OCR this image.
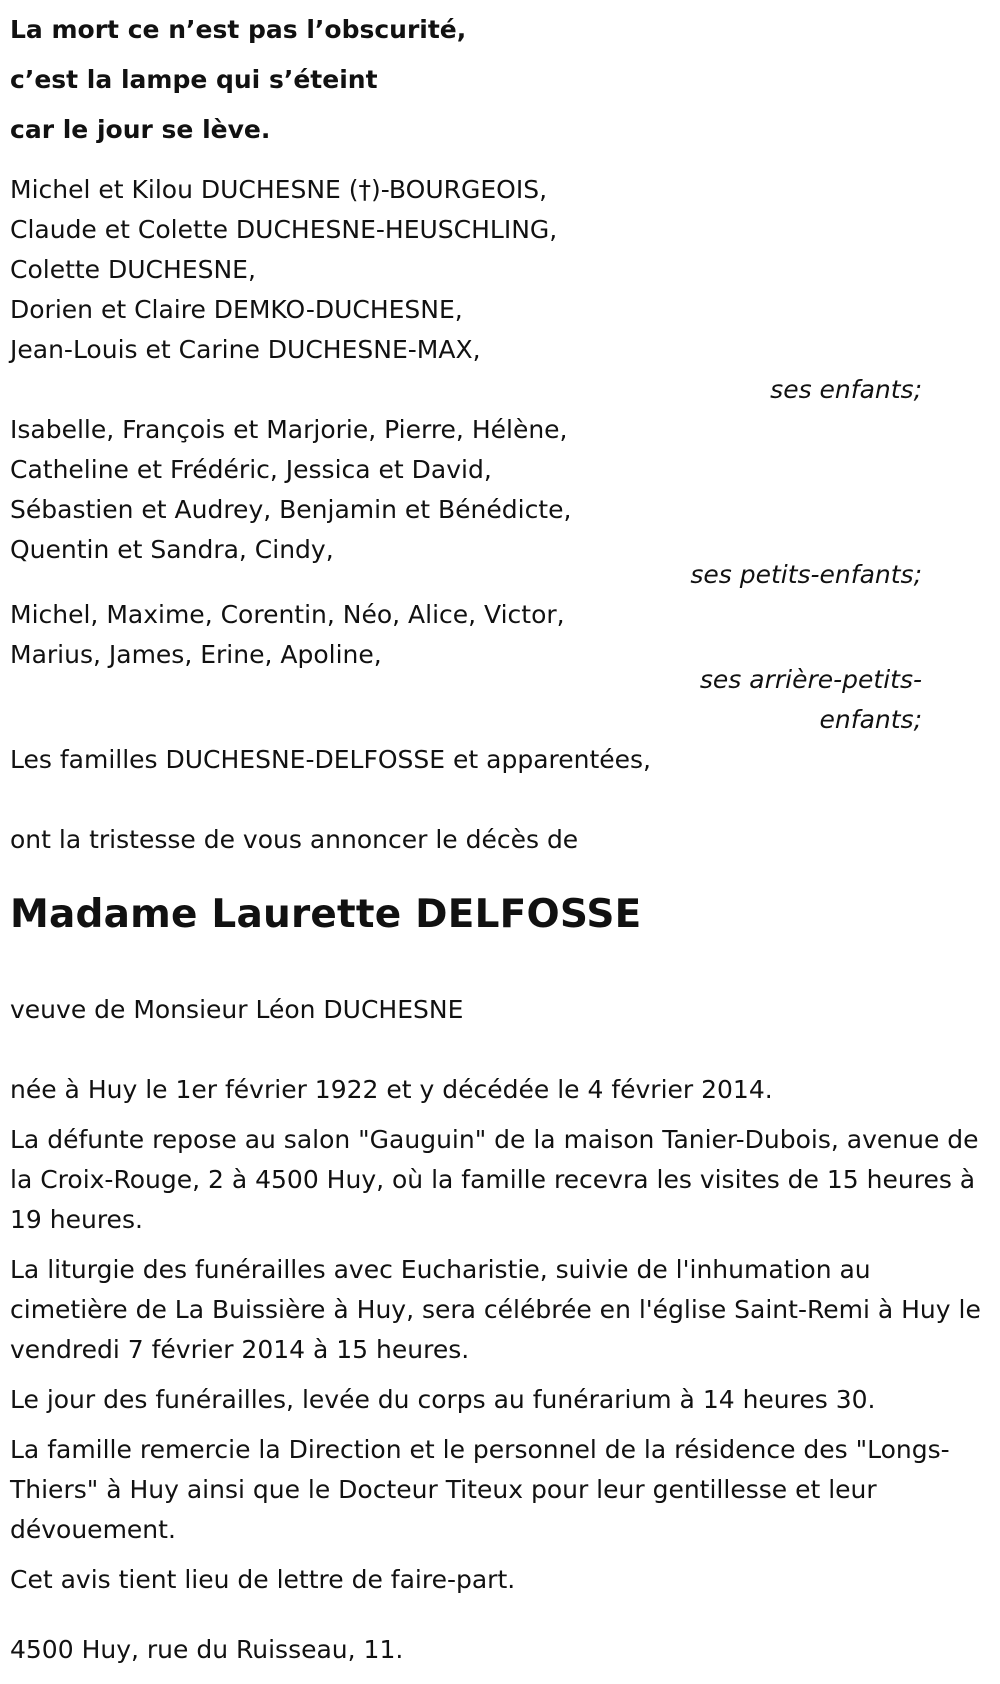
La mort ce n’est pas l’obscurité,
c’est la lampe qui s’éteint
car le jour se lève.
Michel et Kilou DUCHESNE (†)-BOURGEOIS,
Claude et Colette DUCHESNE-HEUSCHLING,
Colette DUCHESNE,
Dorien et Claire DEMKO-DUCHESNE,
Jean-Louis et Carine DUCHESNE-MAX,
ses enfants;
Isabelle, François et Marjorie, Pierre, Hélène,
Catheline et Frédéric, Jessica et David,
Sébastien et Audrey, Benjamin et Bénédicte,
Quentin et Sandra, Cindy,
ses petits-enfants;
Michel, Maxime, Corentin, Néo, Alice, Victor,
Marius, James, Erine, Apoline,
ses arrière-petits-
enfants;
Les familles DUCHESNE-DELFOSSE et apparentées,
ont la tristesse de vous annoncer le décès de
Madame Laurette DELFOSSE
veuve de Monsieur Léon DUCHESNE

née à Huy le 1er février 1922 et y décédée le 4 février 2014.

La défunte repose au salon "Gauguin" de la maison Tanier-Dubois, avenue de la Croix-Rouge, 2 à 4500 Huy, où la famille recevra les visites de 15 heures à 19 heures.

La liturgie des funérailles avec Eucharistie, suivie de l'inhumation au cimetière de La Buissière à Huy, sera célébrée en l'église Saint-Remi à Huy le vendredi 7 février 2014 à 15 heures.

Le jour des funérailles, levée du corps au funérarium à 14 heures 30.

La famille remercie la Direction et le personnel de la résidence des "Longs-Thiers" à Huy ainsi que le Docteur Titeux pour leur gentillesse et leur dévouement.

Cet avis tient lieu de lettre de faire-part.

4500 Huy, rue du Ruisseau, 11.
